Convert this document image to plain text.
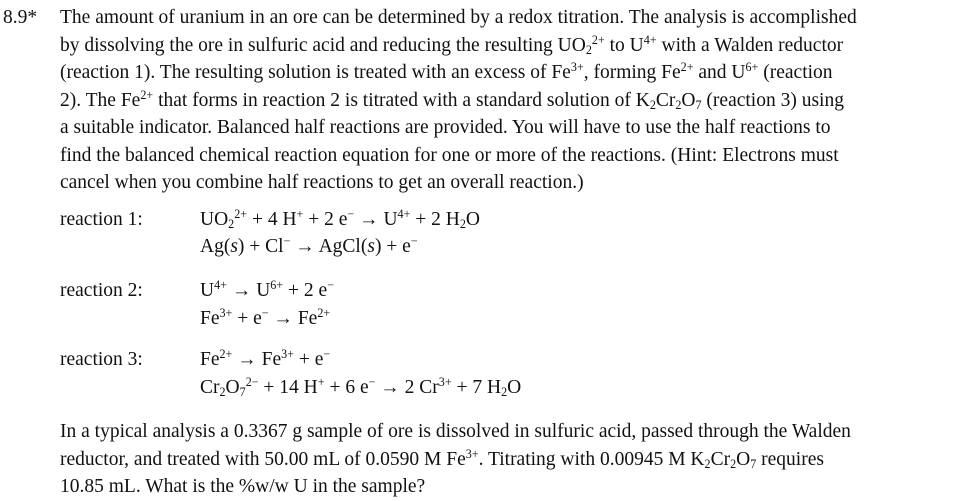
8.9* The amount of uranium in an ore can be determined by a redox titration. The analysis is accomplished
by dissolving the ore in sulfuric acid and reducing the resulting $UO_2^{2+}$ to $U^{4+}$ with a Walden reductor
(reaction 1). The resulting solution is treated with an excess of $Fe^{3+}$, forming $Fe^{2+}$ and $U^{6+}$ (reaction
2). The $Fe^{2+}$ that forms in reaction 2 is titrated with a standard solution of $K_2Cr_2O_7$ (reaction 3) using
a suitable indicator. Balanced half reactions are provided. You will have to use the half reactions to
find the balanced chemical reaction equation for one or more of the reactions. (Hint: Electrons must
cancel when you combine half reactions to get an overall reaction.)
reaction 1:	$UO_2^{2+} + 4$ H+ + 2 $e^- \to U^{4+} + 2$ $H_2O$
Ag(s) + Cl− → AgCl(s) + e−
reaction 2:	$U^{4+} \to U^{6+} + 2$ e−
$Fe^{3+} + e^- \to Fe^{2+}$
reaction 3:	$Fe^{2+} \to Fe^{3+} + e^-$
$Cr_2O_7^{2-} + 14$ H+ + 6 e− → 2 $Cr^{3+} + 7$ $H_2O$
In a typical analysis a 0.3367 g sample of ore is dissolved in sulfuric acid, passed through the Walden
reductor, and treated with 50.00 mL of 0.0590 M $Fe^{3+}$. Titrating with 0.00945 M $K_2Cr_2O_7$ requires
10.85 mL. What is the %w/w U in the sample?
